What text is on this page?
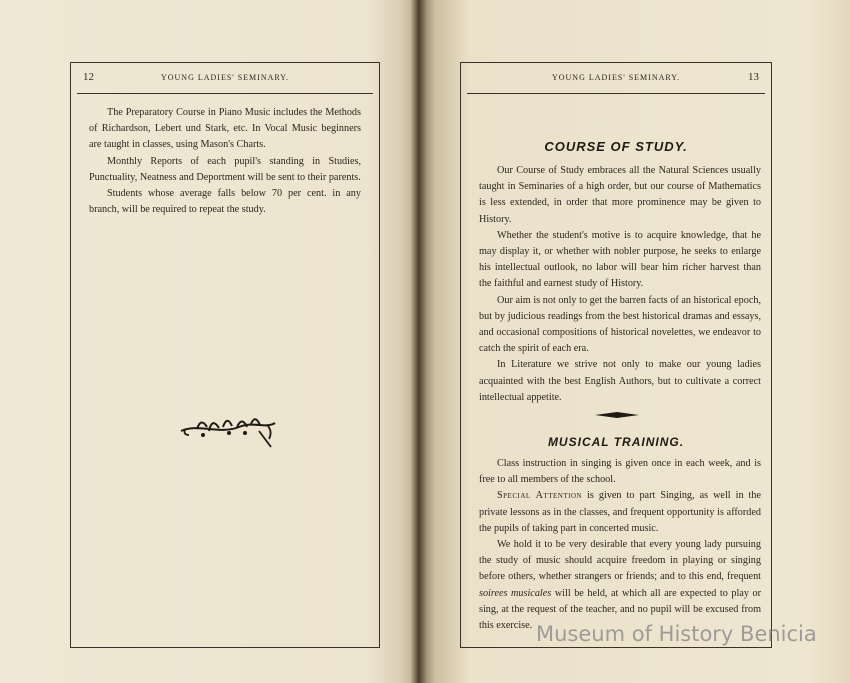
12	YOUNG LADIES' SEMINARY.

The Preparatory Course in Piano Music includes the Methods of Richardson, Lebert und Stark, etc. In Vocal Music beginners are taught in classes, using Mason's Charts.

Monthly Reports of each pupil's standing in Studies, Punctuality, Neatness and Deportment will be sent to their parents.

Students whose average falls below 70 per cent. in any branch, will be required to repeat the study.

YOUNG LADIES' SEMINARY.	13
COURSE OF STUDY.

Our Course of Study embraces all the Natural Sciences usually taught in Seminaries of a high order, but our course of Mathematics is less extended, in order that more prominence may be given to History.

Whether the student's motive is to acquire knowledge, that he may display it, or whether with nobler purpose, he seeks to enlarge his intellectual outlook, no labor will bear him richer harvest than the faithful and earnest study of History.

Our aim is not only to get the barren facts of an historical epoch, but by judicious readings from the best historical dramas and essays, and occasional compositions of historical novelettes, we endeavor to catch the spirit of each era.

In Literature we strive not only to make our young ladies acquainted with the best English Authors, but to cultivate a correct intellectual appetite.

MUSICAL TRAINING.

Class instruction in singing is given once in each week, and is free to all members of the school.

Special Attention is given to part Singing, as well in the private lessons as in the classes, and frequent opportunity is afforded the pupils of taking part in concerted music.

We hold it to be very desirable that every young lady pursuing the study of music should acquire freedom in playing or singing before others, whether strangers or friends; and to this end, frequent soirees musicales will be held, at which all are expected to play or sing, at the request of the teacher, and no pupil will be excused from this exercise. Museum of History Benicia
